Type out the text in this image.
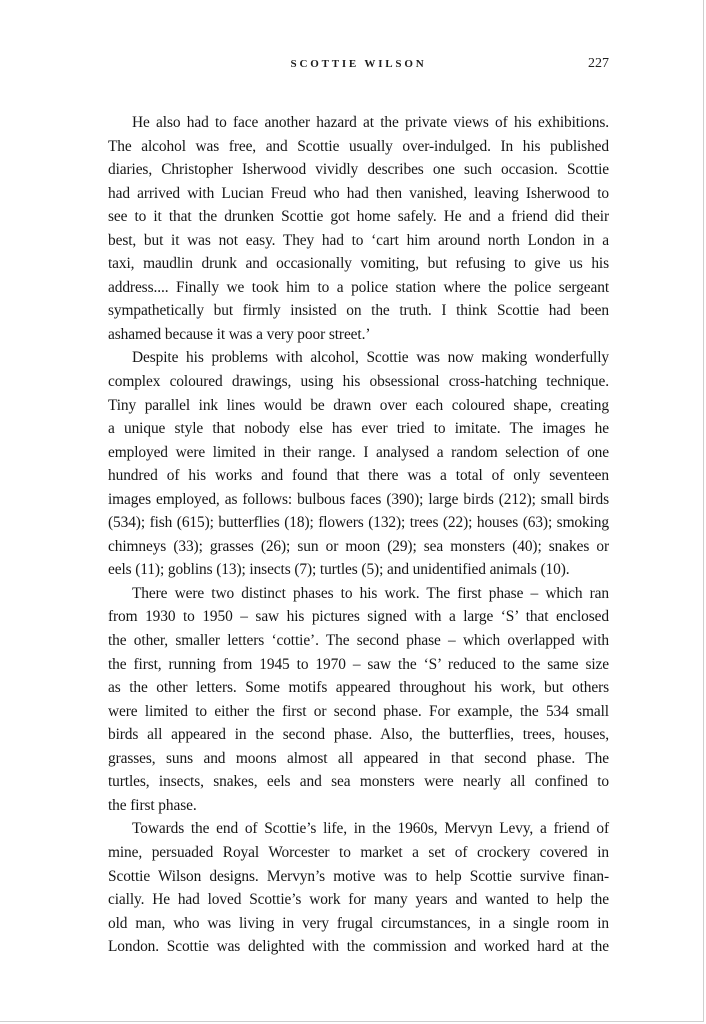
SCOTTIE WILSON	227
He also had to face another hazard at the private views of his exhibitions.
The alcohol was free, and Scottie usually over-indulged. In his published
diaries, Christopher Isherwood vividly describes one such occasion. Scottie
had arrived with Lucian Freud who had then vanished, leaving Isherwood to
see to it that the drunken Scottie got home safely. He and a friend did their
best, but it was not easy. They had to ‘cart him around north London in a
taxi, maudlin drunk and occasionally vomiting, but refusing to give us his
address.... Finally we took him to a police station where the police sergeant
sympathetically but firmly insisted on the truth. I think Scottie had been
ashamed because it was a very poor street.’
Despite his problems with alcohol, Scottie was now making wonderfully
complex coloured drawings, using his obsessional cross-hatching technique.
Tiny parallel ink lines would be drawn over each coloured shape, creating
a unique style that nobody else has ever tried to imitate. The images he
employed were limited in their range. I analysed a random selection of one
hundred of his works and found that there was a total of only seventeen
images employed, as follows: bulbous faces (390); large birds (212); small birds
(534); fish (615); butterflies (18); flowers (132); trees (22); houses (63); smoking
chimneys (33); grasses (26); sun or moon (29); sea monsters (40); snakes or
eels (11); goblins (13); insects (7); turtles (5); and unidentified animals (10).
There were two distinct phases to his work. The first phase – which ran
from 1930 to 1950 – saw his pictures signed with a large ‘S’ that enclosed
the other, smaller letters ‘cottie’. The second phase – which overlapped with
the first, running from 1945 to 1970 – saw the ‘S’ reduced to the same size
as the other letters. Some motifs appeared throughout his work, but others
were limited to either the first or second phase. For example, the 534 small
birds all appeared in the second phase. Also, the butterflies, trees, houses,
grasses, suns and moons almost all appeared in that second phase. The
turtles, insects, snakes, eels and sea monsters were nearly all confined to
the first phase.
Towards the end of Scottie’s life, in the 1960s, Mervyn Levy, a friend of
mine, persuaded Royal Worcester to market a set of crockery covered in
Scottie Wilson designs. Mervyn’s motive was to help Scottie survive finan-
cially. He had loved Scottie’s work for many years and wanted to help the
old man, who was living in very frugal circumstances, in a single room in
London. Scottie was delighted with the commission and worked hard at the
